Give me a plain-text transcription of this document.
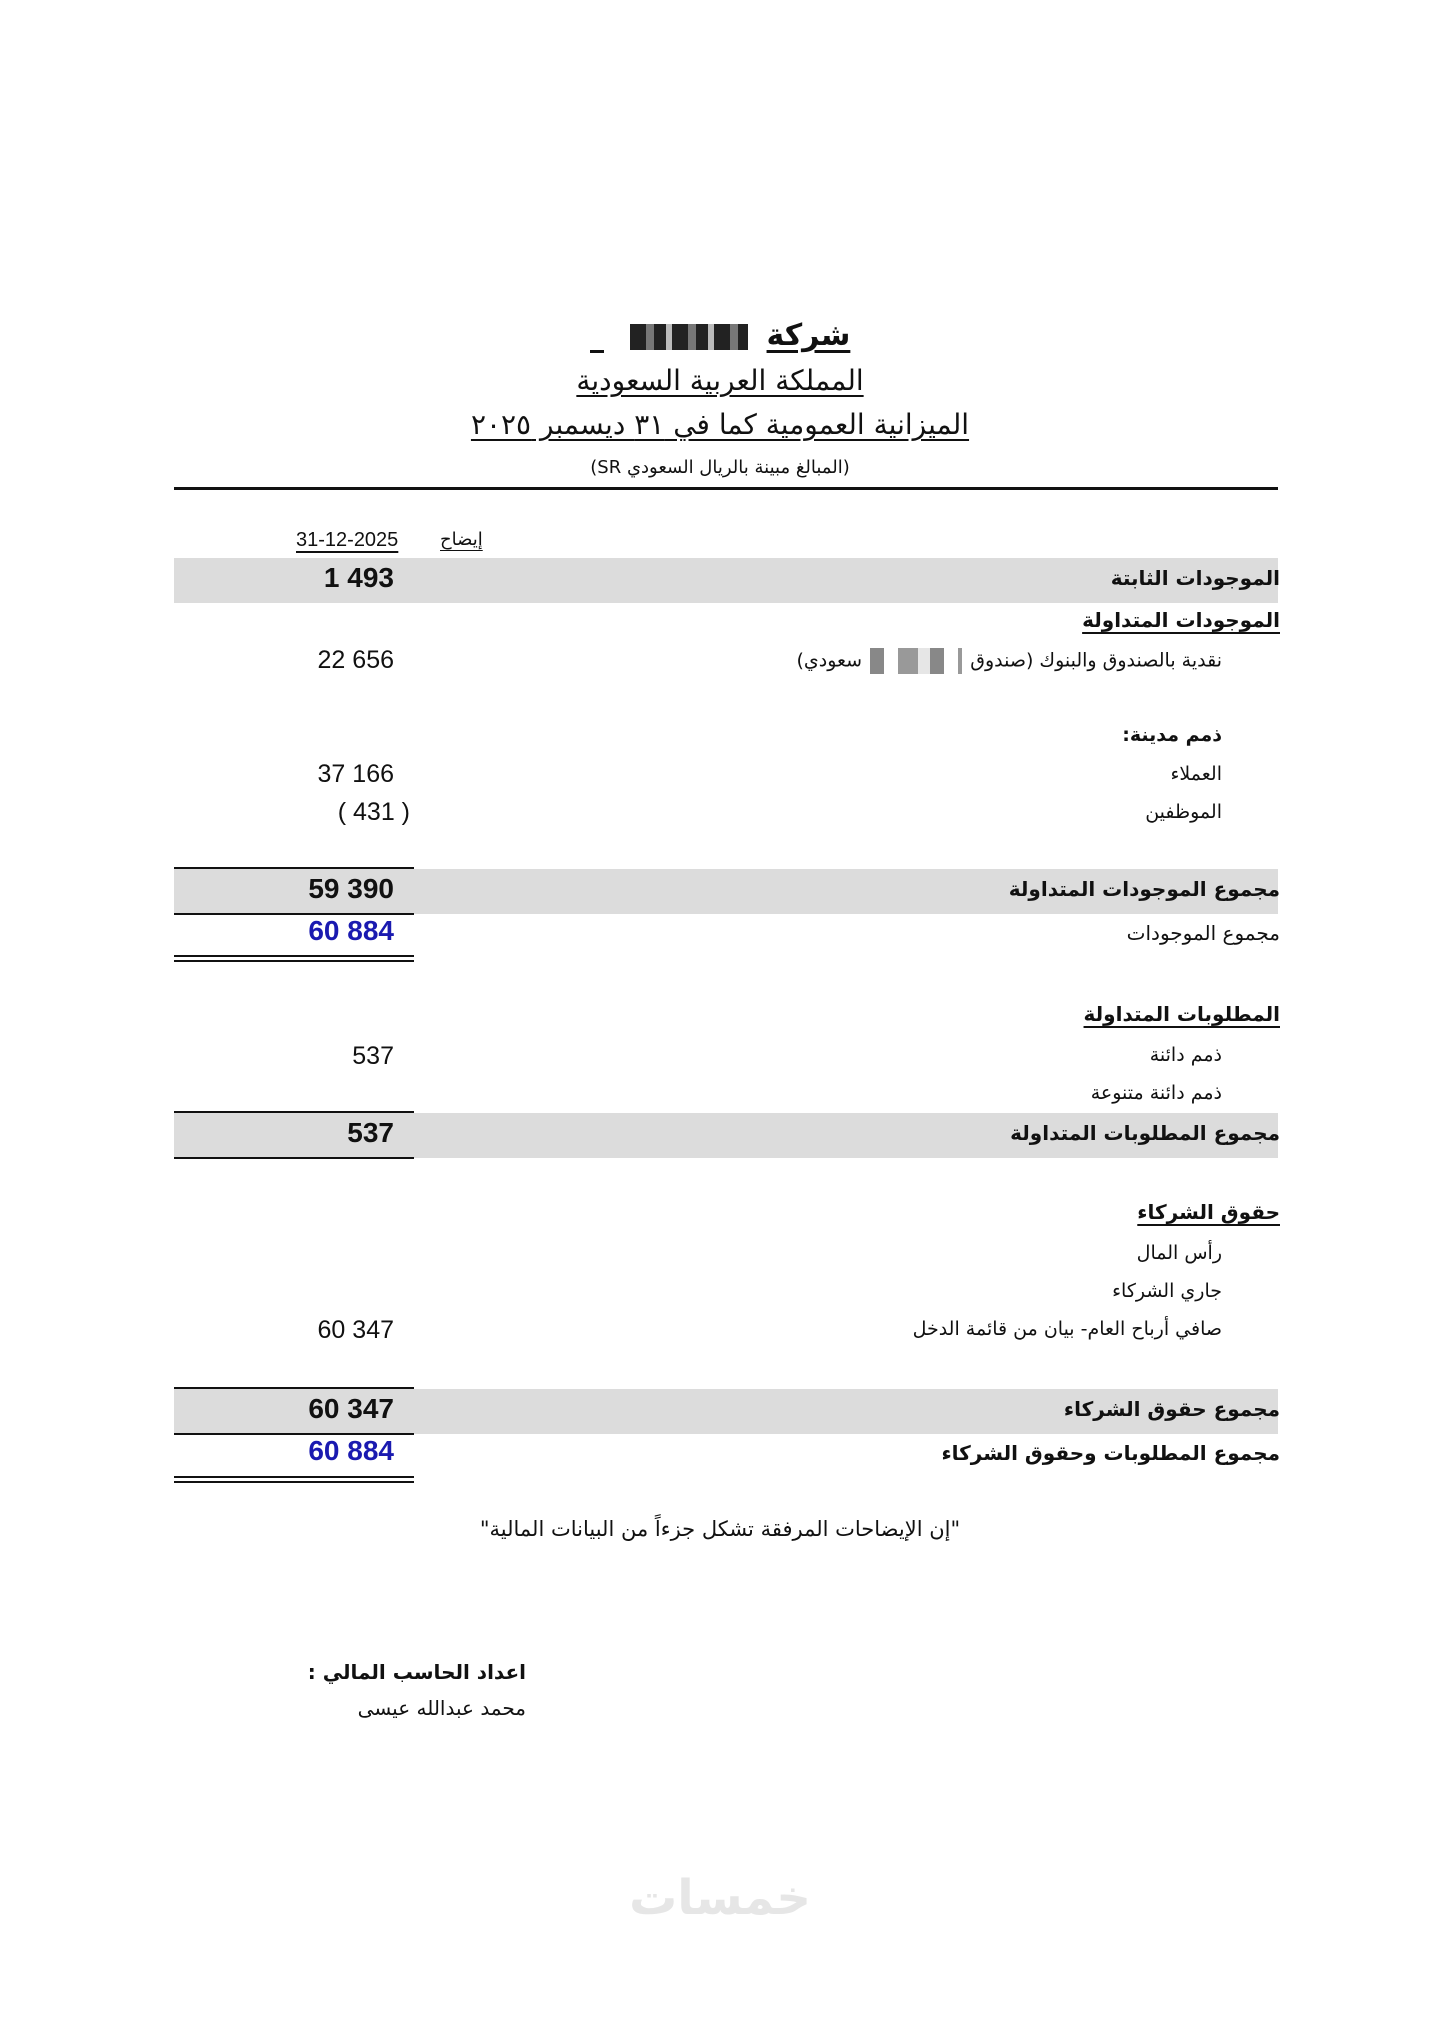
شركة
المملكة العربية السعودية
الميزانية العمومية كما في ٣١ ديسمبر ٢٠٢٥
(المبالغ مبينة بالريال السعودي SR)
إيضاح
31-12-2025
الموجودات الثابتة
1 493
الموجودات المتداولة
نقدية بالصندوق والبنوك (صندوق  سعودي)
22 656
ذمم مدينة:
العملاء
37 166
الموظفين
( 431 )
مجموع الموجودات المتداولة
59 390
مجموع الموجودات
60 884
المطلوبات المتداولة
ذمم دائنة
537
ذمم دائنة متنوعة
مجموع المطلوبات المتداولة
537
حقوق الشركاء
رأس المال
جاري الشركاء
صافي أرباح العام- بيان من قائمة الدخل
60 347
مجموع حقوق الشركاء
60 347
مجموع المطلوبات وحقوق الشركاء
60 884
"إن الإيضاحات المرفقة تشكل جزءاً من البيانات المالية"
اعداد الحاسب المالي :
محمد عبدالله عيسى
خمسات
